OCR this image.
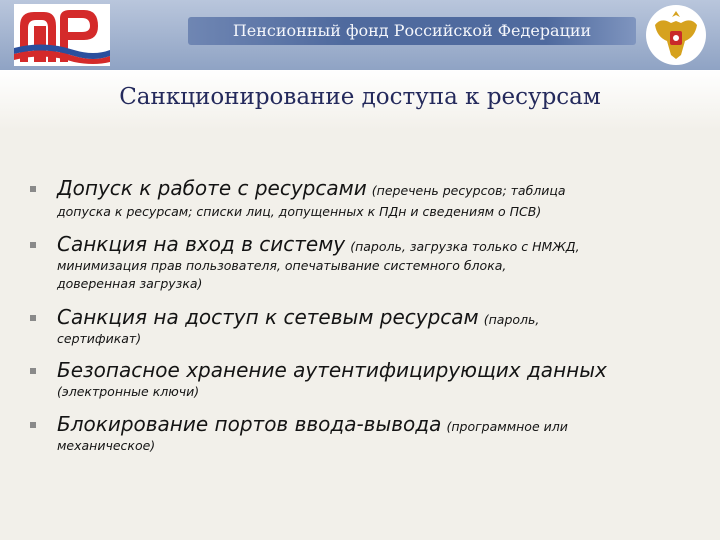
Пенсионный фонд Российской Федерации
Санкционирование доступа к ресурсам
Допуск к работе с ресурсами (перечень ресурсов; таблица
допуска к ресурсам; списки лиц, допущенных к ПДн и сведениям о ПСВ)
Санкция на вход в систему (пароль, загрузка только с НМЖД,
минимизация прав пользователя, опечатывание системного блока,
доверенная загрузка)
Санкция на доступ к сетевым ресурсам (пароль,
сертификат)
Безопасное хранение аутентифицирующих данных
(электронные ключи)
Блокирование портов ввода-вывода (программное или
механическое)
